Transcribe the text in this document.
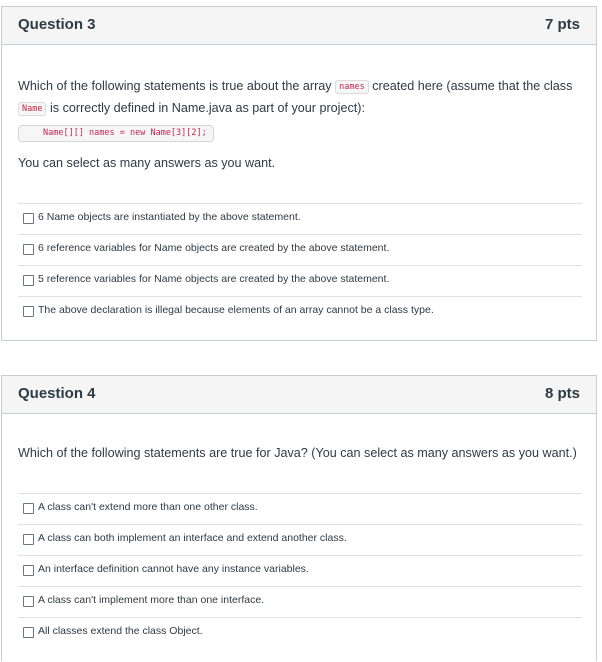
Question 3	7 pts
Which of the following statements is true about the array names created here (assume that the class
Name is correctly defined in Name.java as part of your project):
Name[][] names = new Name[3][2];
You can select as many answers as you want.
6 Name objects are instantiated by the above statement.
6 reference variables for Name objects are created by the above statement.
5 reference variables for Name objects are created by the above statement.
The above declaration is illegal because elements of an array cannot be a class type.
Question 4	8 pts
Which of the following statements are true for Java? (You can select as many answers as you want.)
A class can't extend more than one other class.
A class can both implement an interface and extend another class.
An interface definition cannot have any instance variables.
A class can't implement more than one interface.
All classes extend the class Object.
